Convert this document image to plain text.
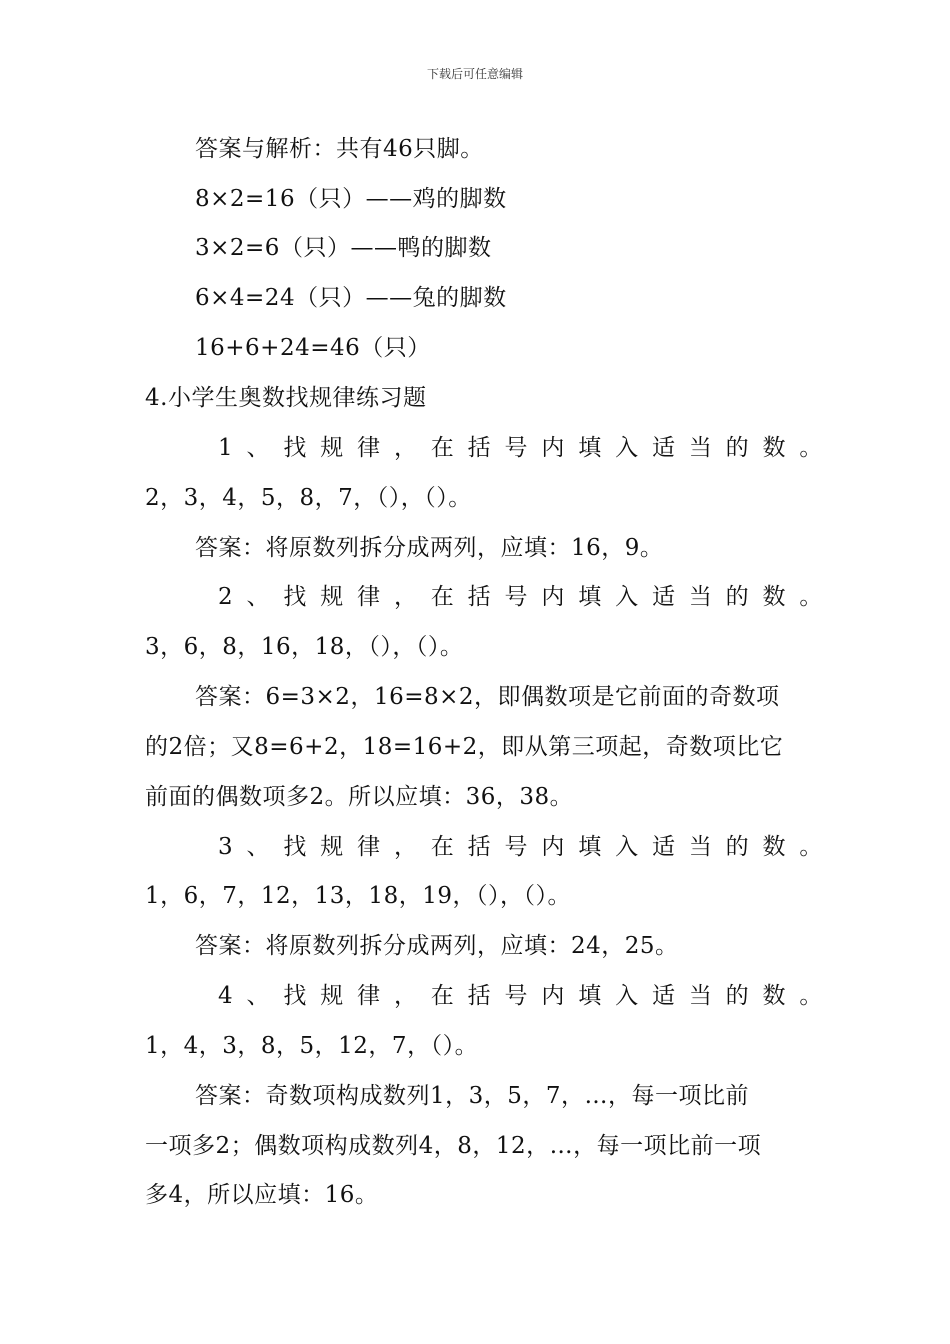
下载后可任意编辑
答案与解析：共有46只脚。
8×2=16（只）——鸡的脚数
3×2=6（只）——鸭的脚数
6×4=24（只）——兔的脚数
16+6+24=46（只）
4.小学生奥数找规律练习题
1 、 找 规 律 ， 在 括 号 内 填 入 适 当 的 数 。
2，3，4，5，8，7，（），（）。
答案：将原数列拆分成两列，应填：16，9。
2 、 找 规 律 ， 在 括 号 内 填 入 适 当 的 数 。
3，6，8，16，18，（），（）。
答案：6=3×2，16=8×2，即偶数项是它前面的奇数项
的2倍；又8=6+2，18=16+2，即从第三项起，奇数项比它
前面的偶数项多2。所以应填：36，38。
3 、 找 规 律 ， 在 括 号 内 填 入 适 当 的 数 。
1，6，7，12，13，18，19，（），（）。
答案：将原数列拆分成两列，应填：24，25。
4 、 找 规 律 ， 在 括 号 内 填 入 适 当 的 数 。
1，4，3，8，5，12，7，（）。
答案：奇数项构成数列1，3，5，7，…，每一项比前
一项多2；偶数项构成数列4，8，12，…，每一项比前一项
多4，所以应填：16。
